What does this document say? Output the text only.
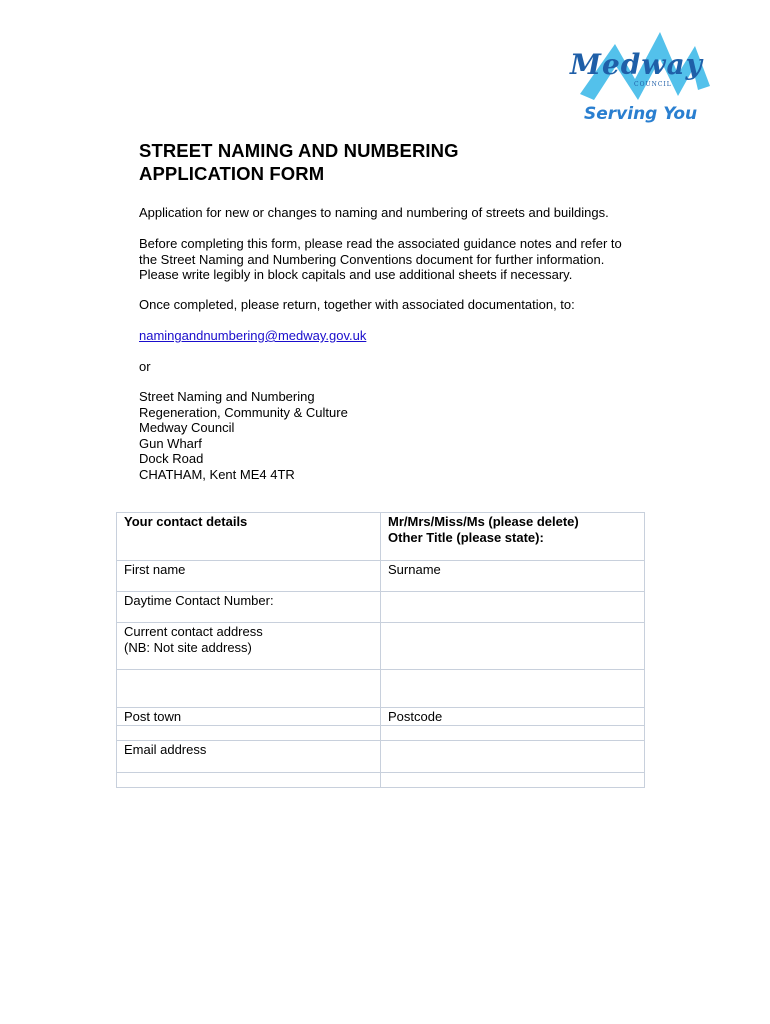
Medway
COUNCIL
Serving You
STREET NAMING AND NUMBERING
APPLICATION FORM

Application for new or changes to naming and numbering of streets and buildings.

Before completing this form, please read the associated guidance notes and refer to
the Street Naming and Numbering Conventions document for further information.
Please write legibly in block capitals and use additional sheets if necessary.

Once completed, please return, together with associated documentation, to:

namingandnumbering@medway.gov.uk

or

Street Naming and Numbering
Regeneration, Community & Culture
Medway Council
Gun Wharf
Dock Road
CHATHAM, Kent ME4 4TR

Your contact details	Mr/Mrs/Miss/Ms (please delete)
Other Title (please state):

First name	Surname

Daytime Contact Number:	

Current contact address
(NB: Not site address)	

Post town	Postcode

Email address	
